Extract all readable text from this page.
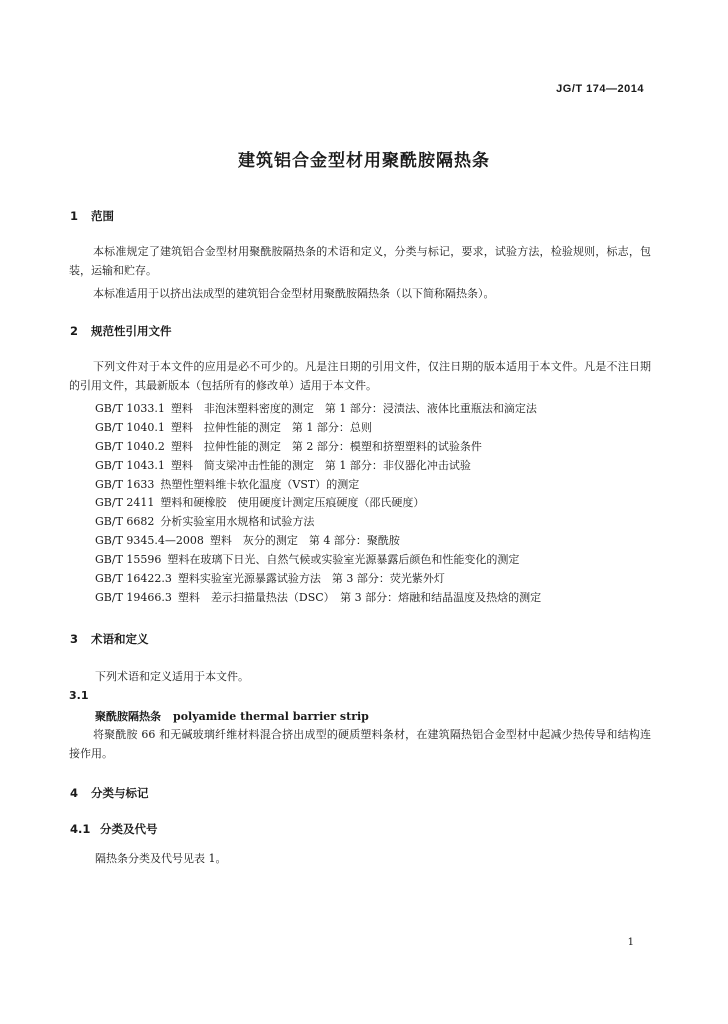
JG/T 174—2014
建筑铝合金型材用聚酰胺隔热条
1 范围
本标准规定了建筑铝合金型材用聚酰胺隔热条的术语和定义，分类与标记，要求，试验方法，检验规则，标志，包装，运输和贮存。
本标准适用于以挤出法成型的建筑铝合金型材用聚酰胺隔热条（以下简称隔热条）。
2 规范性引用文件
下列文件对于本文件的应用是必不可少的。凡是注日期的引用文件，仅注日期的版本适用于本文件。凡是不注日期的引用文件，其最新版本（包括所有的修改单）适用于本文件。
GB/T 1033.1 塑料　非泡沫塑料密度的测定　第 1 部分：浸渍法、液体比重瓶法和滴定法
GB/T 1040.1 塑料　拉伸性能的测定　第 1 部分：总则
GB/T 1040.2 塑料　拉伸性能的测定　第 2 部分：模塑和挤塑塑料的试验条件
GB/T 1043.1 塑料　简支梁冲击性能的测定　第 1 部分：非仪器化冲击试验
GB/T 1633 热塑性塑料维卡软化温度（VST）的测定
GB/T 2411 塑料和硬橡胶　使用硬度计测定压痕硬度（邵氏硬度）
GB/T 6682 分析实验室用水规格和试验方法
GB/T 9345.4—2008 塑料　灰分的测定　第 4 部分：聚酰胺
GB/T 15596 塑料在玻璃下日光、自然气候或实验室光源暴露后颜色和性能变化的测定
GB/T 16422.3 塑料实验室光源暴露试验方法　第 3 部分：荧光紫外灯
GB/T 19466.3 塑料　差示扫描量热法（DSC）　第 3 部分：熔融和结晶温度及热焓的测定
3 术语和定义
下列术语和定义适用于本文件。
3.1
聚酰胺隔热条 polyamide thermal barrier strip
将聚酰胺 66 和无碱玻璃纤维材料混合挤出成型的硬质塑料条材，在建筑隔热铝合金型材中起减少热传导和结构连接作用。
4 分类与标记
4.1 分类及代号
隔热条分类及代号见表 1。
1
